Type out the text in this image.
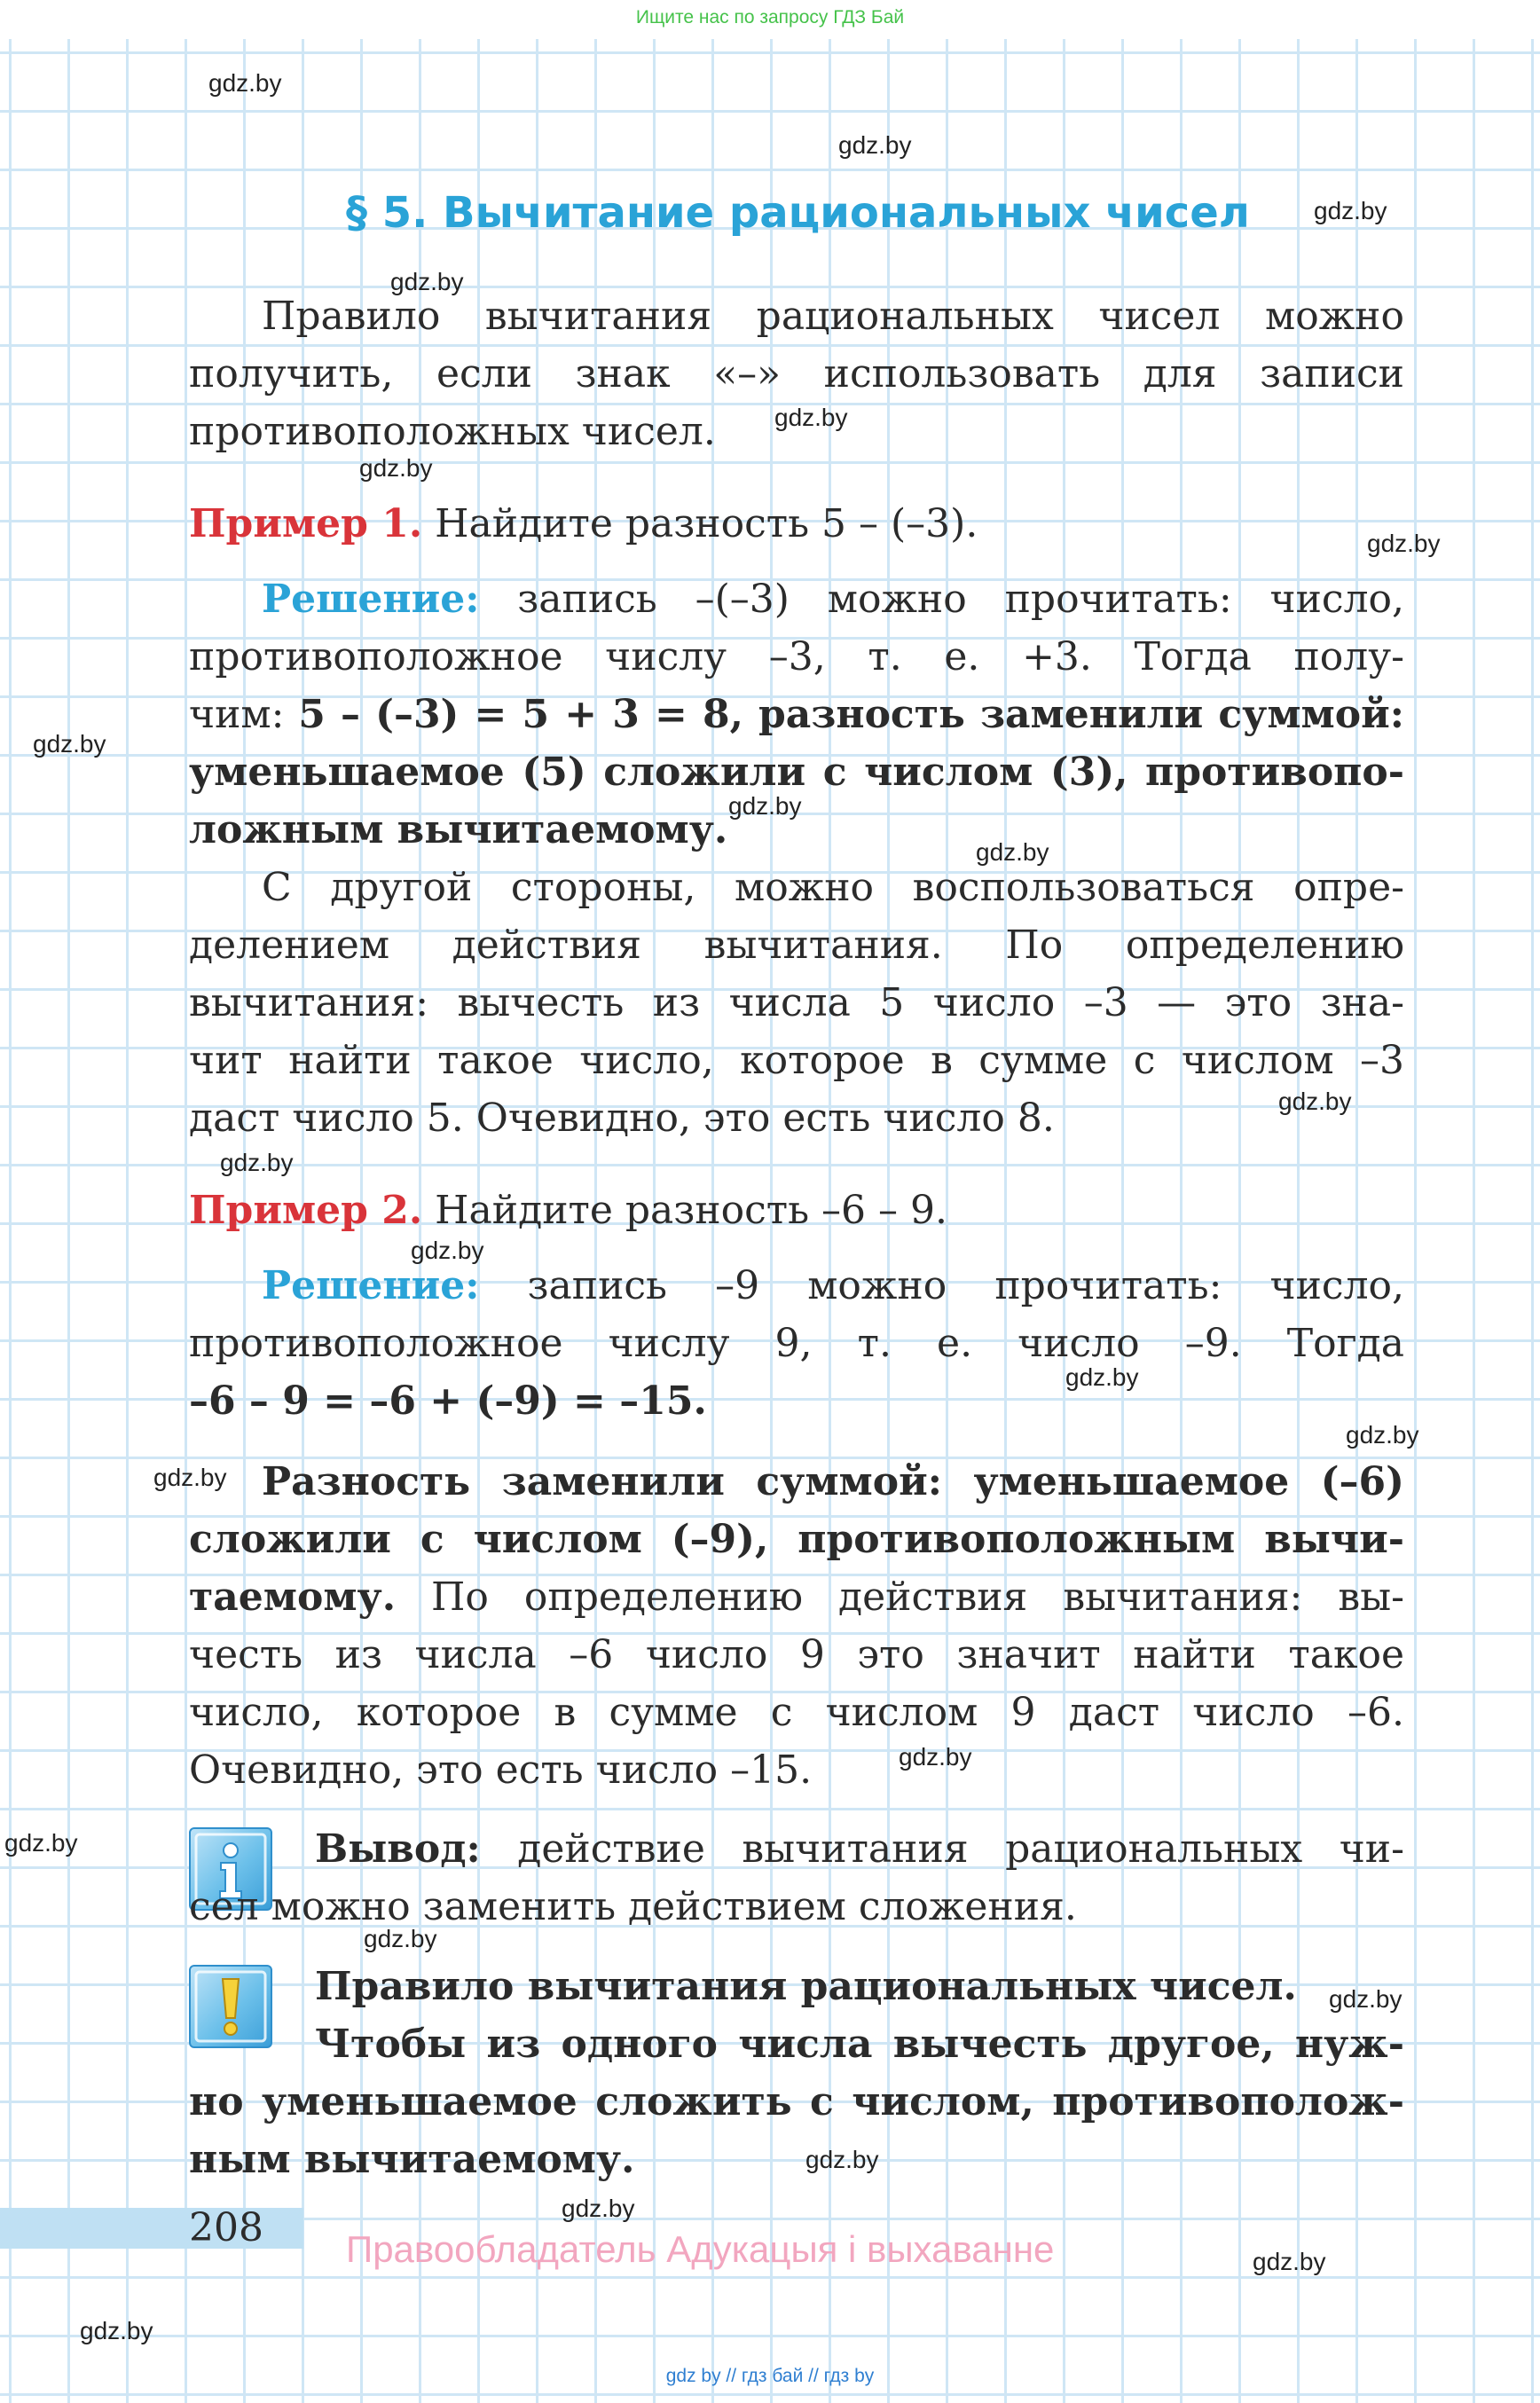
Ищите нас по запросу ГДЗ Бай
gdz.by
gdz.by
gdz.by
gdz.by
gdz.by
gdz.by
gdz.by
gdz.by
gdz.by
gdz.by
gdz.by
gdz.by
gdz.by
gdz.by
gdz.by
gdz.by
gdz.by
gdz.by
gdz.by
gdz.by
gdz.by
gdz.by
gdz.by
gdz.by
§ 5. Вычитание рациональных чисел
Правило вычитания рациональных чисел можно
получить, если знак «–» использовать для записи
противоположных чисел.
Пример 1. Найдите разность 5 – (–3).
Решение: запись –(–3) можно прочитать: число,
противоположное числу –3, т. е. +3. Тогда полу-
чим: 5 – (–3) = 5 + 3 = 8, разность заменили суммой:
уменьшаемое (5) сложили с числом (3), противопо-
ложным вычитаемому.
С другой стороны, можно воспользоваться опре-
делением действия вычитания. По определению
вычитания: вычесть из числа 5 число –3 — это зна-
чит найти такое число, которое в сумме с числом –3
даст число 5. Очевидно, это есть число 8.
Пример 2. Найдите разность –6 – 9.
Решение: запись –9 можно прочитать: число,
противоположное числу 9, т. е. число –9. Тогда
–6 – 9 = –6 + (–9) = –15.
Разность заменили суммой: уменьшаемое (–6)
сложили с числом (–9), противоположным вычи-
таемому. По определению действия вычитания: вы-
честь из числа –6 число 9 это значит найти такое
число, которое в сумме с числом 9 даст число –6.
Очевидно, это есть число –15.
Вывод: действие вычитания рациональных чи-
сел можно заменить действием сложения.
Правило вычитания рациональных чисел.
Чтобы из одного числа вычесть другое, нуж-
но уменьшаемое сложить с числом, противополож-
ным вычитаемому.
208 Правообладатель Адукацыя і выхаванне
gdz by // гдз бай // гдз by
